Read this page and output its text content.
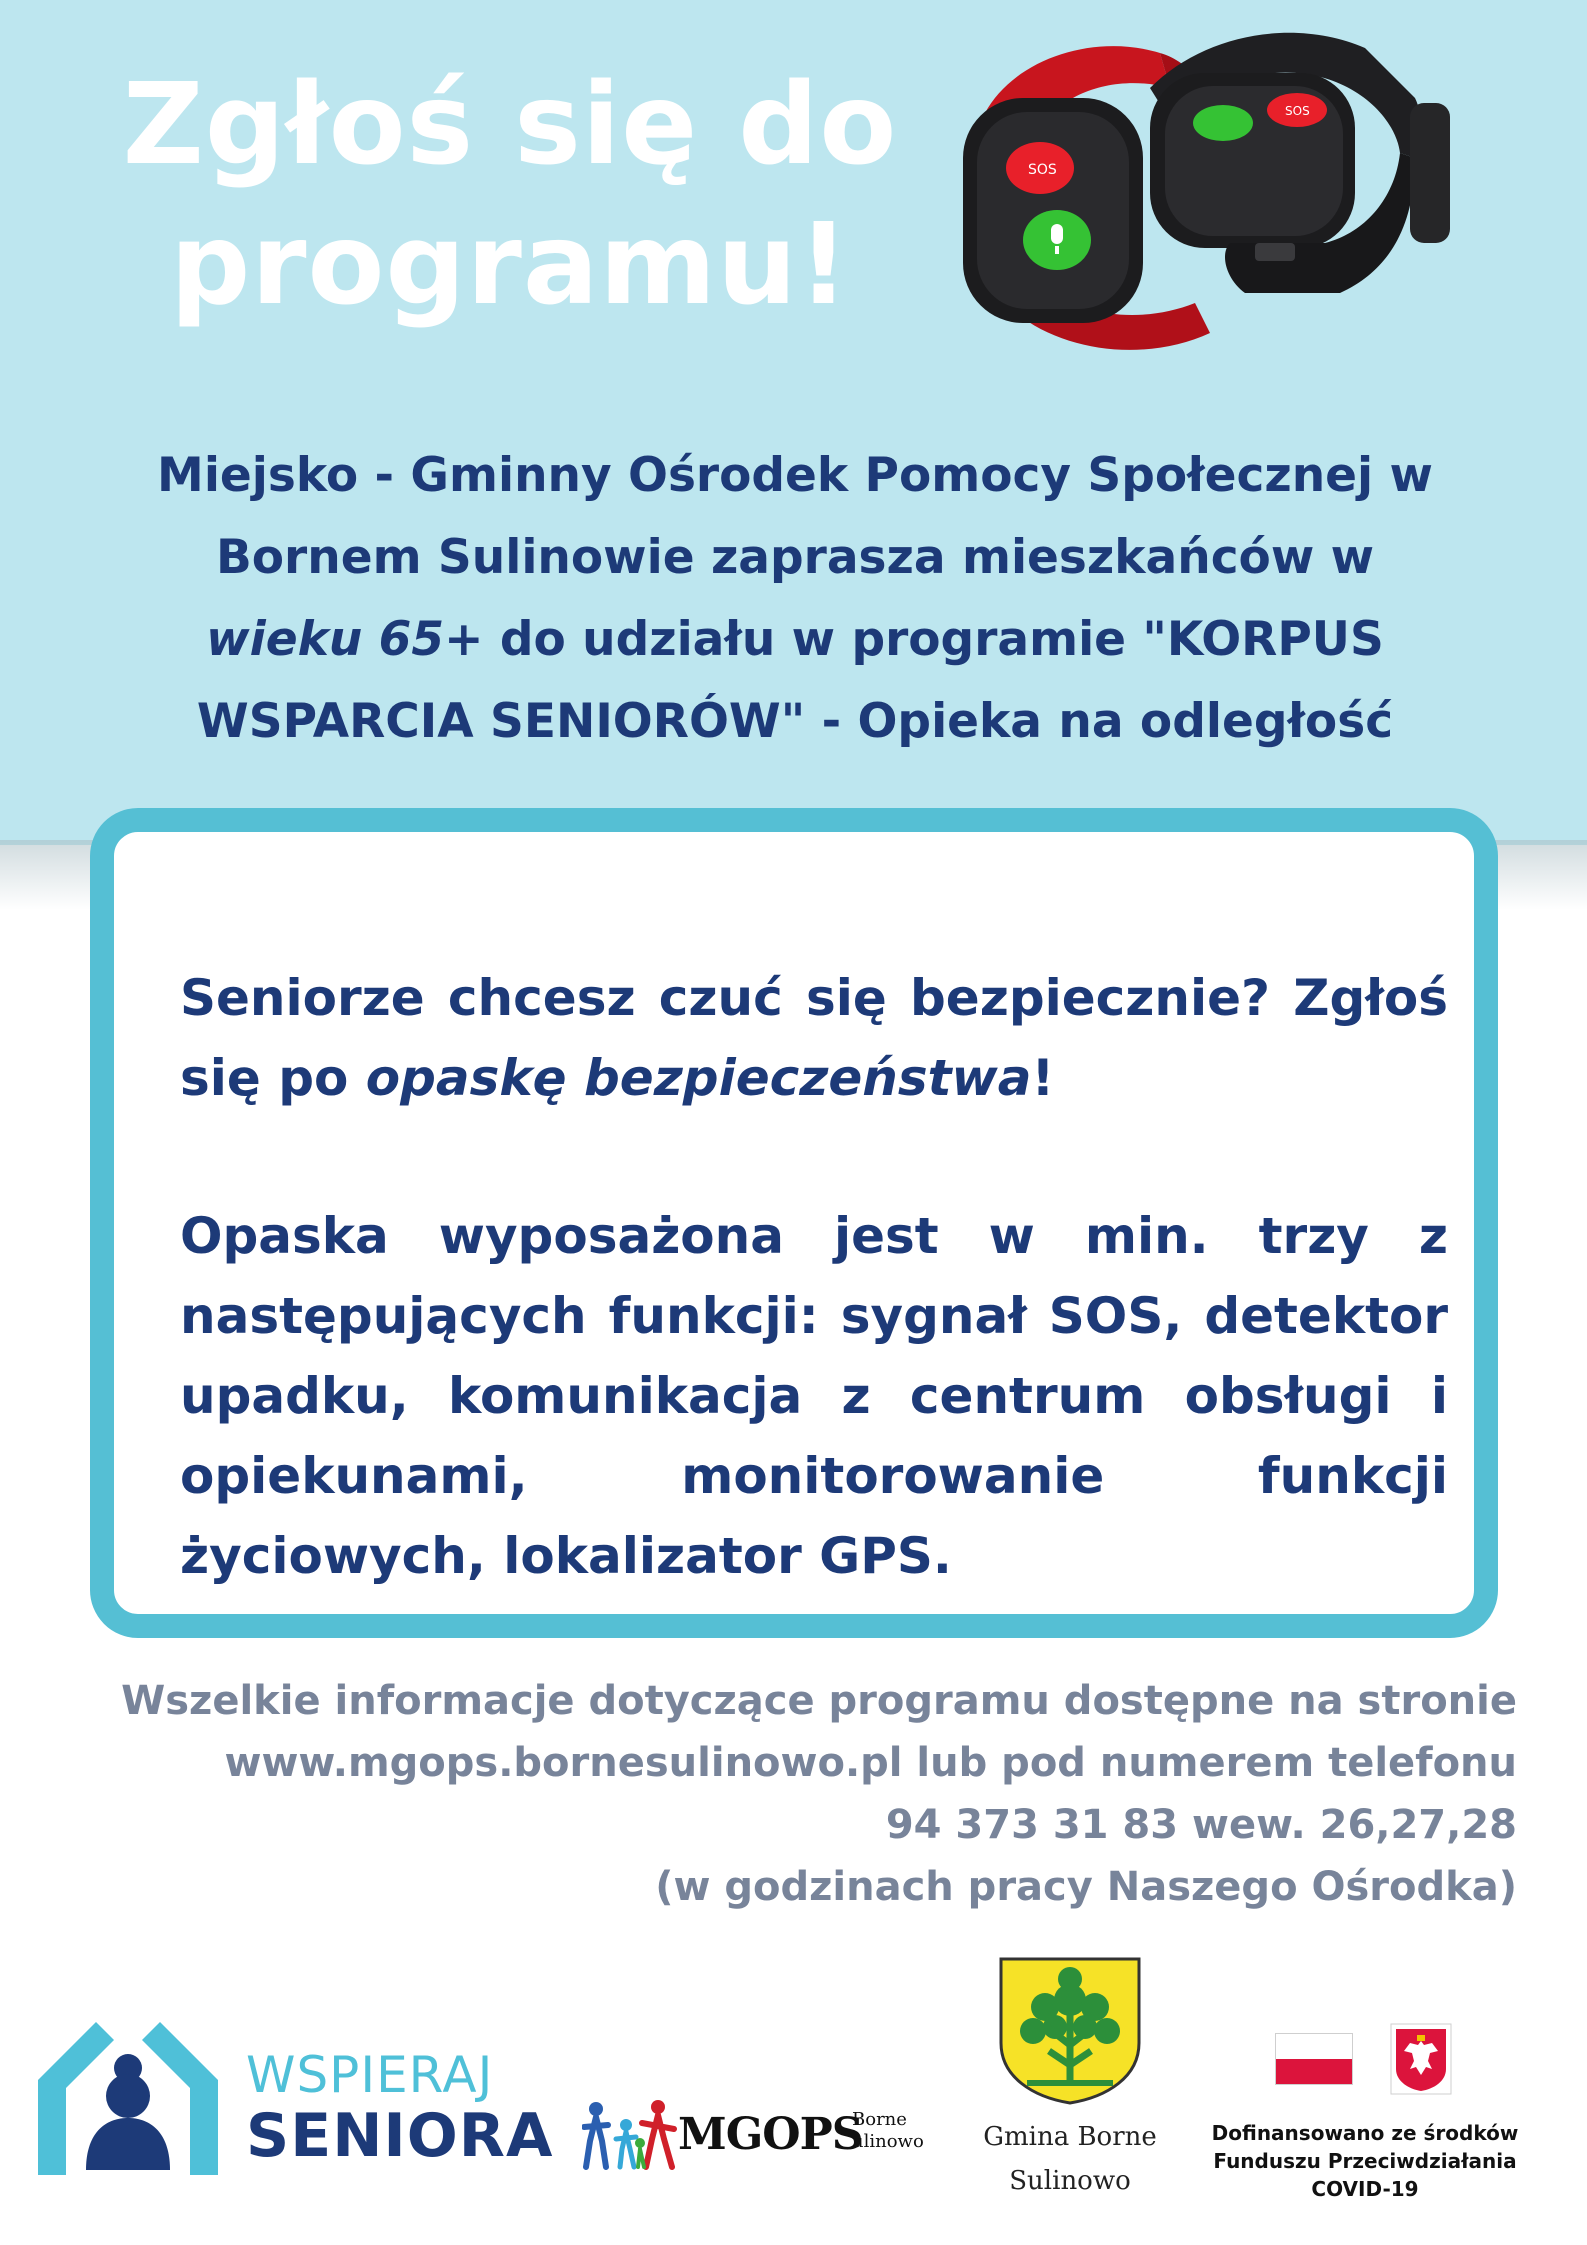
Zgłoś się do
programu!
SOS
SOS
Miejsko - Gminny Ośrodek Pomocy Społecznej w
Bornem Sulinowie zaprasza mieszkańców w
wieku 65+ do udziału w programie "KORPUS
WSPARCIA SENIORÓW" - Opieka na odległość

Seniorze chcesz czuć się bezpiecznie? Zgłoś się po opaskę bezpieczeństwa!

Opaska wyposażona jest w min. trzy z następujących funkcji: sygnał SOS, detektor upadku, komunikacja z centrum obsługi i opiekunami, monitorowanie funkcji życiowych, lokalizator GPS.

Wszelkie informacje dotyczące programu dostępne na stronie
www.mgops.bornesulinowo.pl lub pod numerem telefonu
94 373 31 83 wew. 26,27,28
(w godzinach pracy Naszego Ośrodka)
WSPIERAJ
SENIORA	MGOPS
Borne
ulinowo	Gmina Borne
Sulinowo
Dofinansowano ze środków
Funduszu Przeciwdziałania
COVID-19
